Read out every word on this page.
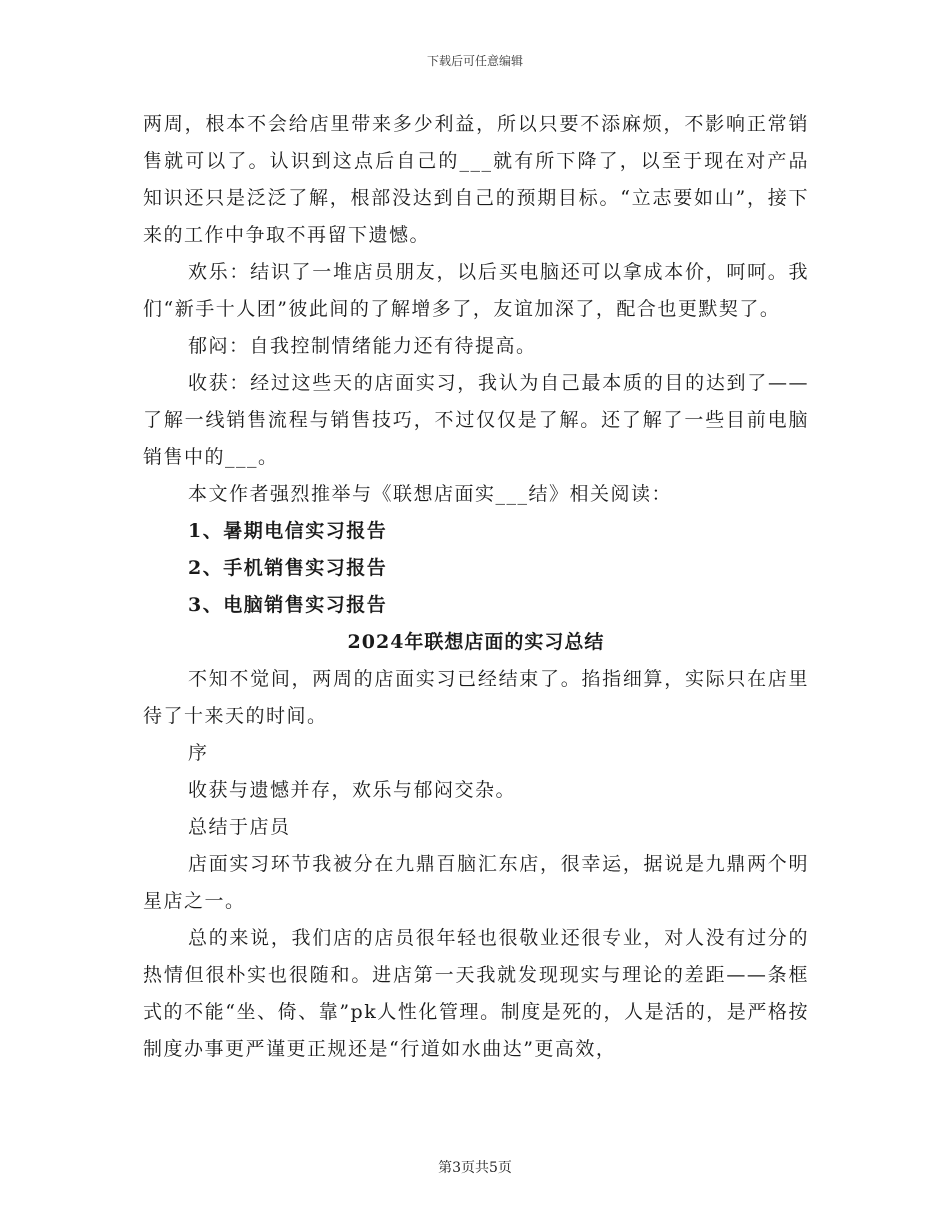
下载后可任意编辑

两周，根本不会给店里带来多少利益，所以只要不添麻烦，不影响正常销售就可以了。认识到这点后自己的___就有所下降了，以至于现在对产品知识还只是泛泛了解，根部没达到自己的预期目标。“立志要如山”，接下来的工作中争取不再留下遗憾。

欢乐：结识了一堆店员朋友，以后买电脑还可以拿成本价，呵呵。我们“新手十人团”彼此间的了解增多了，友谊加深了，配合也更默契了。

郁闷：自我控制情绪能力还有待提高。

收获：经过这些天的店面实习，我认为自己最本质的目的达到了——了解一线销售流程与销售技巧，不过仅仅是了解。还了解了一些目前电脑销售中的___。

本文作者强烈推举与《联想店面实___结》相关阅读：

1、暑期电信实习报告

2、手机销售实习报告

3、电脑销售实习报告

2024年联想店面的实习总结

不知不觉间，两周的店面实习已经结束了。掐指细算，实际只在店里待了十来天的时间。

序

收获与遗憾并存，欢乐与郁闷交杂。

总结于店员

店面实习环节我被分在九鼎百脑汇东店，很幸运，据说是九鼎两个明星店之一。

总的来说，我们店的店员很年轻也很敬业还很专业，对人没有过分的热情但很朴实也很随和。进店第一天我就发现现实与理论的差距——条框式的不能“坐、倚、靠”pk人性化管理。制度是死的，人是活的，是严格按制度办事更严谨更正规还是“行道如水曲达”更高效，

第3页共5页
